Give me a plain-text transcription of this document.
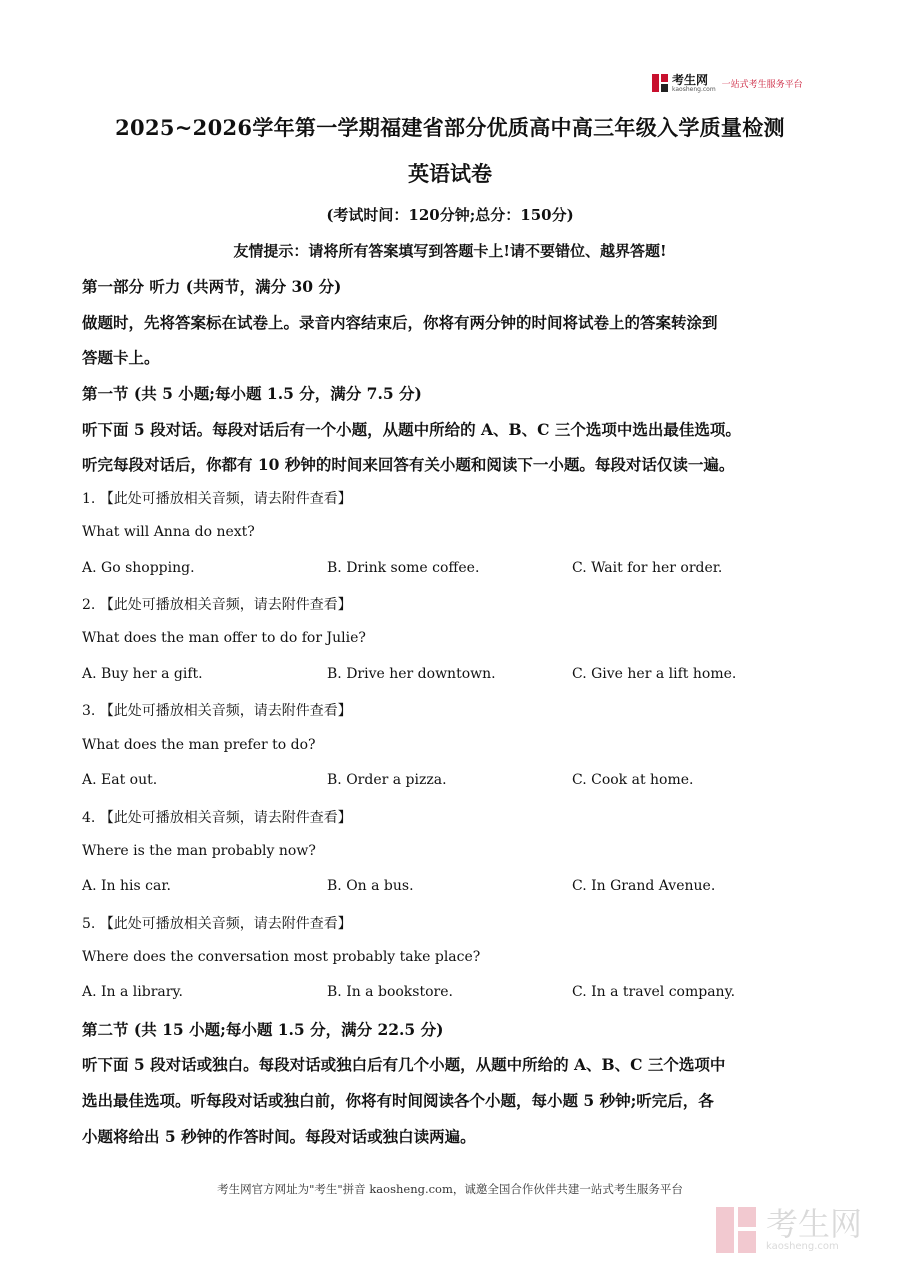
考生网
kaosheng.com 一站式考生服务平台
2025~2026学年第一学期福建省部分优质高中高三年级入学质量检测
英语试卷
(考试时间：120分钟;总分：150分)
友情提示：请将所有答案填写到答题卡上!请不要错位、越界答题!
第一部分 听力 (共两节，满分 30 分)
做题时，先将答案标在试卷上。录音内容结束后，你将有两分钟的时间将试卷上的答案转涂到
答题卡上。
第一节 (共 5 小题;每小题 1.5 分，满分 7.5 分)
听下面 5 段对话。每段对话后有一个小题，从题中所给的 A、B、C 三个选项中选出最佳选项。
听完每段对话后，你都有 10 秒钟的时间来回答有关小题和阅读下一小题。每段对话仅读一遍。
1. 【此处可播放相关音频，请去附件查看】
What will Anna do next?
A. Go shopping.	B. Drink some coffee.	C. Wait for her order.
2. 【此处可播放相关音频，请去附件查看】
What does the man offer to do for Julie?
A. Buy her a gift.	B. Drive her downtown.	C. Give her a lift home.
3. 【此处可播放相关音频，请去附件查看】
What does the man prefer to do?
A. Eat out.	B. Order a pizza.	C. Cook at home.
4. 【此处可播放相关音频，请去附件查看】
Where is the man probably now?
A. In his car.	B. On a bus.	C. In Grand Avenue.
5. 【此处可播放相关音频，请去附件查看】
Where does the conversation most probably take place?
A. In a library.	B. In a bookstore.	C. In a travel company.
第二节 (共 15 小题;每小题 1.5 分，满分 22.5 分)
听下面 5 段对话或独白。每段对话或独白后有几个小题，从题中所给的 A、B、C 三个选项中
选出最佳选项。听每段对话或独白前，你将有时间阅读各个小题，每小题 5 秒钟;听完后，各
小题将给出 5 秒钟的作答时间。每段对话或独白读两遍。
考生网官方网址为"考生"拼音 kaosheng.com，诚邀全国合作伙伴共建一站式考生服务平台
考生网
kaosheng.com
